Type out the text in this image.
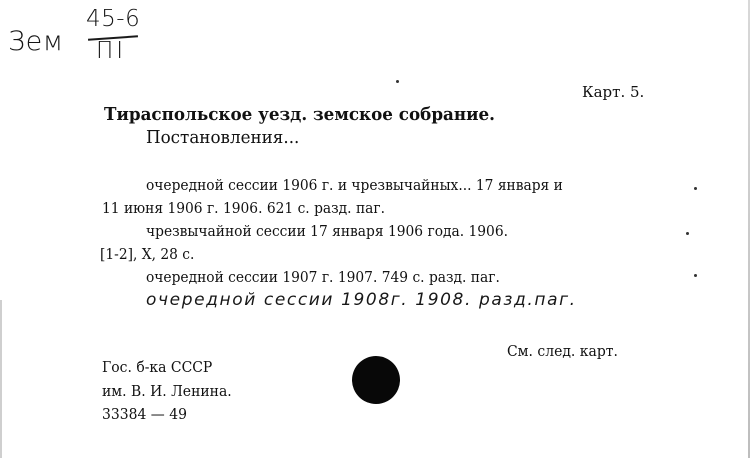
Зем
45-6
ПI
Карт. 5.
Тираспольское уезд. земское собрание.
Постановления...
очередной сессии 1906 г. и чрезвычайных... 17 января и
11 июня 1906 г. 1906. 621 с. разд. паг.
чрезвычайной сессии 17 января 1906 года. 1906.
[1-2], X, 28 с.
очередной сессии 1907 г. 1907. 749 с. разд. паг.
очередной сессии 1908г. 1908. разд.паг.
См. след. карт.
Гос. б-ка СССР
им. В. И. Ленина.
33384 — 49
